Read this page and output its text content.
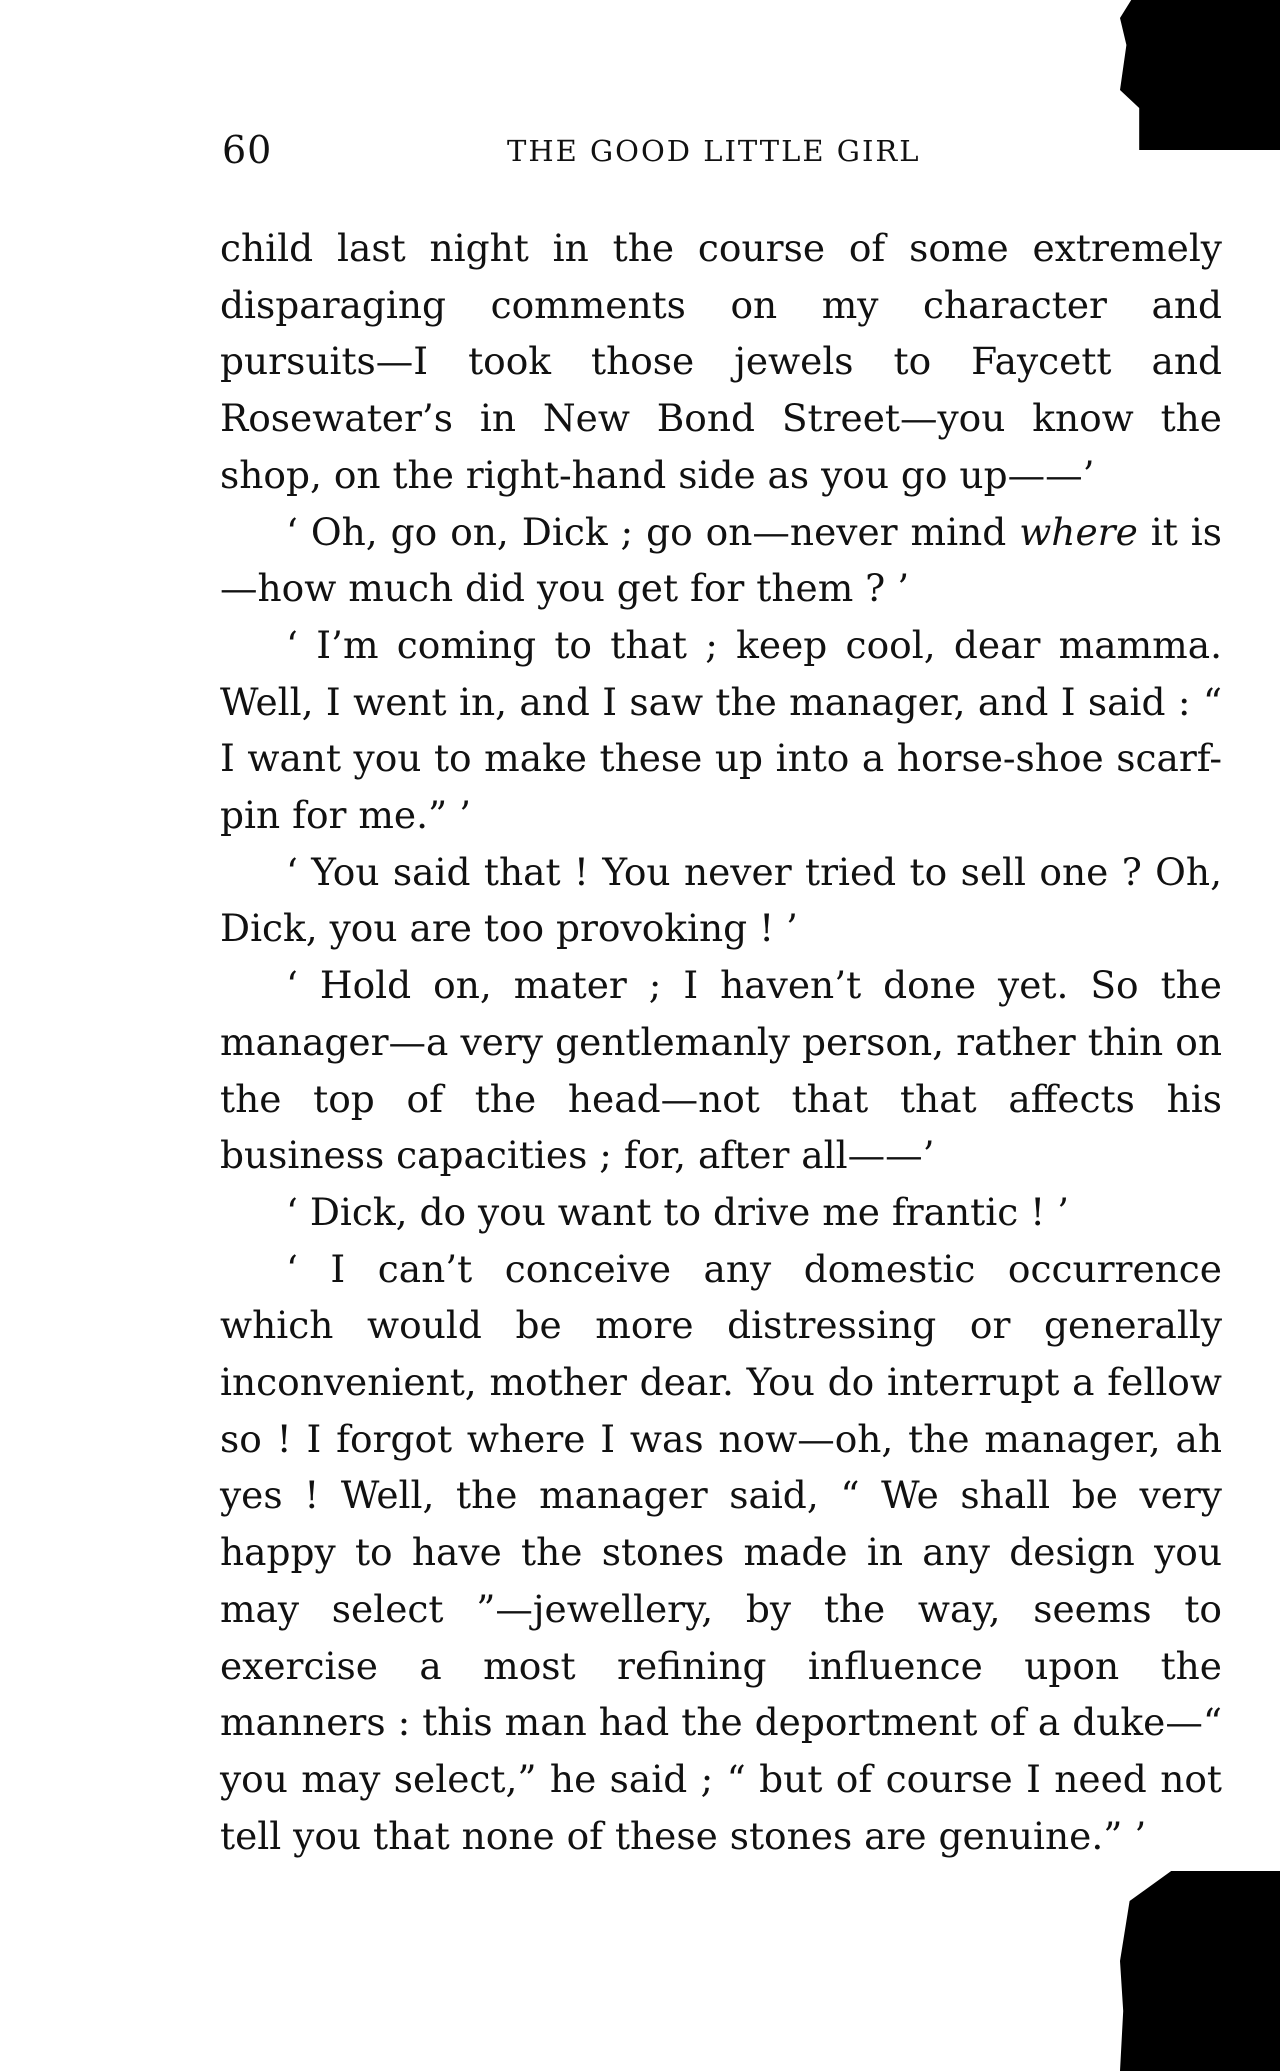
60	THE GOOD LITTLE GIRL

child last night in the course of some extremely disparaging comments on my character and pursuits—I took those jewels to Faycett and Rosewater’s in New Bond Street—you know the shop, on the right-hand side as you go up——’

‘ Oh, go on, Dick ; go on—never mind where it is—how much did you get for them ? ’

‘ I’m coming to that ; keep cool, dear mamma. Well, I went in, and I saw the manager, and I said : “ I want you to make these up into a horse-shoe scarf-pin for me.” ’

‘ You said that ! You never tried to sell one ? Oh, Dick, you are too provoking ! ’

‘ Hold on, mater ; I haven’t done yet. So the manager—a very gentlemanly person, rather thin on the top of the head—not that that affects his business capacities ; for, after all——’

‘ Dick, do you want to drive me frantic ! ’

‘ I can’t conceive any domestic occurrence which would be more distressing or generally inconvenient, mother dear. You do interrupt a fellow so ! I forgot where I was now—oh, the manager, ah yes ! Well, the manager said, “ We shall be very happy to have the stones made in any design you may select ”—jewellery, by the way, seems to exercise a most refining influence upon the manners : this man had the deportment of a duke—“ you may select,” he said ; “ but of course I need not tell you that none of these stones are genuine.” ’
